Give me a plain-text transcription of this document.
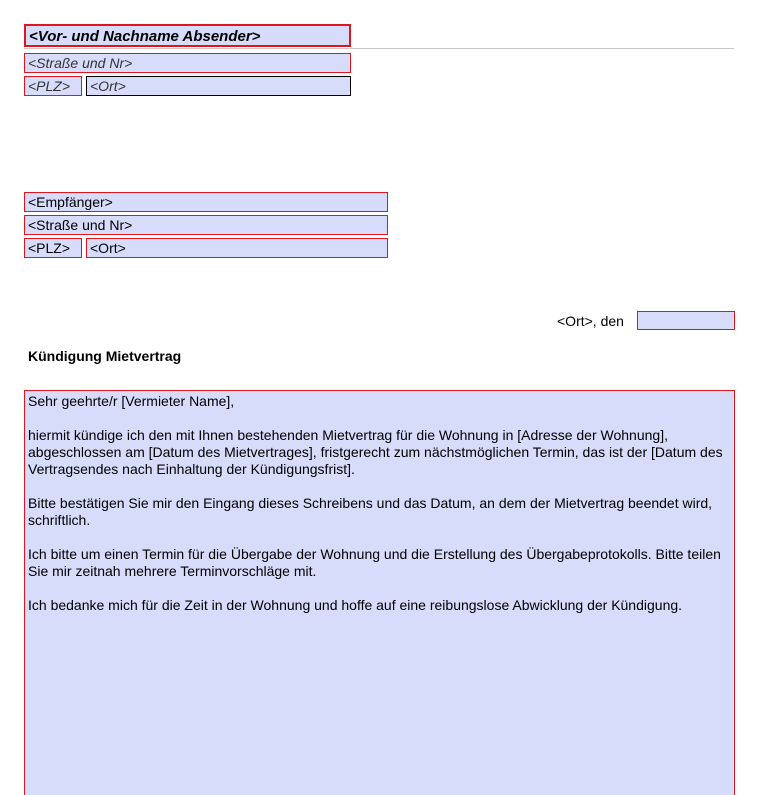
<Vor- und Nachname Absender>
<Straße und Nr>
<PLZ>	<Ort>
<Empfänger>
<Straße und Nr>
<PLZ>	<Ort>
<Ort>, den
Kündigung Mietvertrag

Sehr geehrte/r [Vermieter Name],

hiermit kündige ich den mit Ihnen bestehenden Mietvertrag für die Wohnung in [Adresse der Wohnung], abgeschlossen am [Datum des Mietvertrages], fristgerecht zum nächstmöglichen Termin, das ist der [Datum des Vertragsendes nach Einhaltung der Kündigungsfrist].

Bitte bestätigen Sie mir den Eingang dieses Schreibens und das Datum, an dem der Mietvertrag beendet wird, schriftlich.

Ich bitte um einen Termin für die Übergabe der Wohnung und die Erstellung des Übergabeprotokolls. Bitte teilen Sie mir zeitnah mehrere Terminvorschläge mit.

Ich bedanke mich für die Zeit in der Wohnung und hoffe auf eine reibungslose Abwicklung der Kündigung.
